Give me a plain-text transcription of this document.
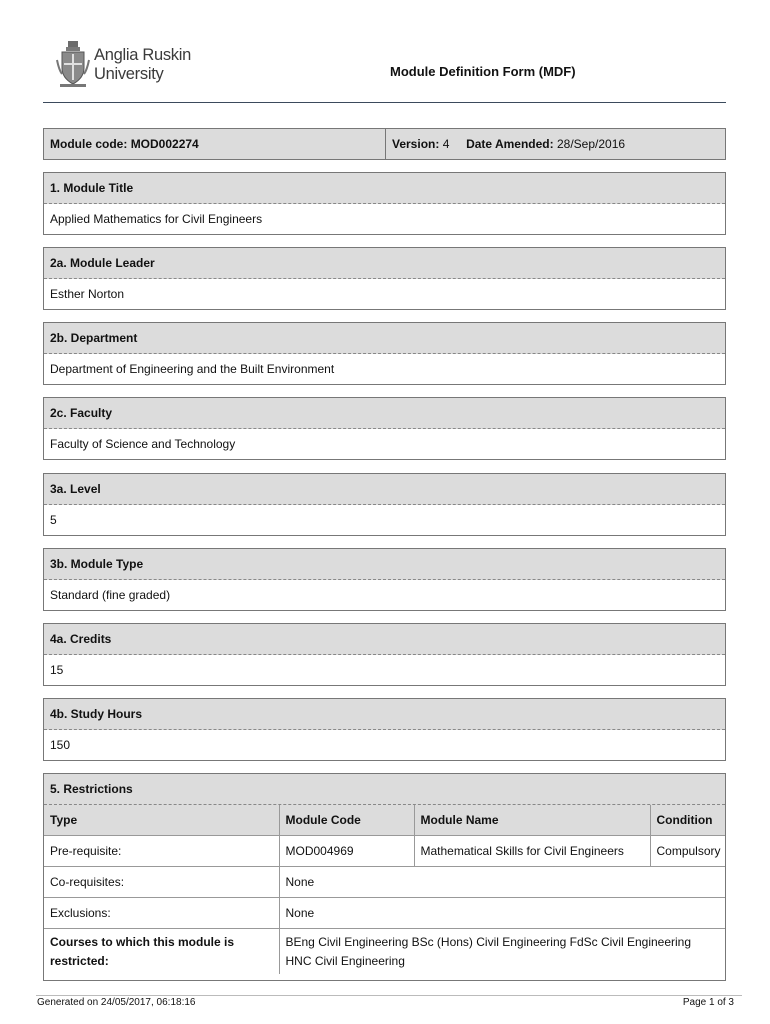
Anglia Ruskin
University	Module Definition Form (MDF)
Module code: MOD002274	Version: 4 Date Amended: 28/Sep/2016
1. Module Title
Applied Mathematics for Civil Engineers
2a. Module Leader
Esther Norton
2b. Department
Department of Engineering and the Built Environment
2c. Faculty
Faculty of Science and Technology
3a. Level
5
3b. Module Type
Standard (fine graded)
4a. Credits
15
4b. Study Hours
150
5. Restrictions
Type	Module Code	Module Name	Condition
Pre-requisite:	MOD004969	Mathematical Skills for Civil Engineers	Compulsory
Co-requisites:	None		
Exclusions:	None		
Courses to which this module is restricted:	BEng Civil Engineering BSc (Hons) Civil Engineering FdSc Civil Engineering HNC Civil Engineering		
Generated on 24/05/2017, 06:18:16	Page 1 of 3
